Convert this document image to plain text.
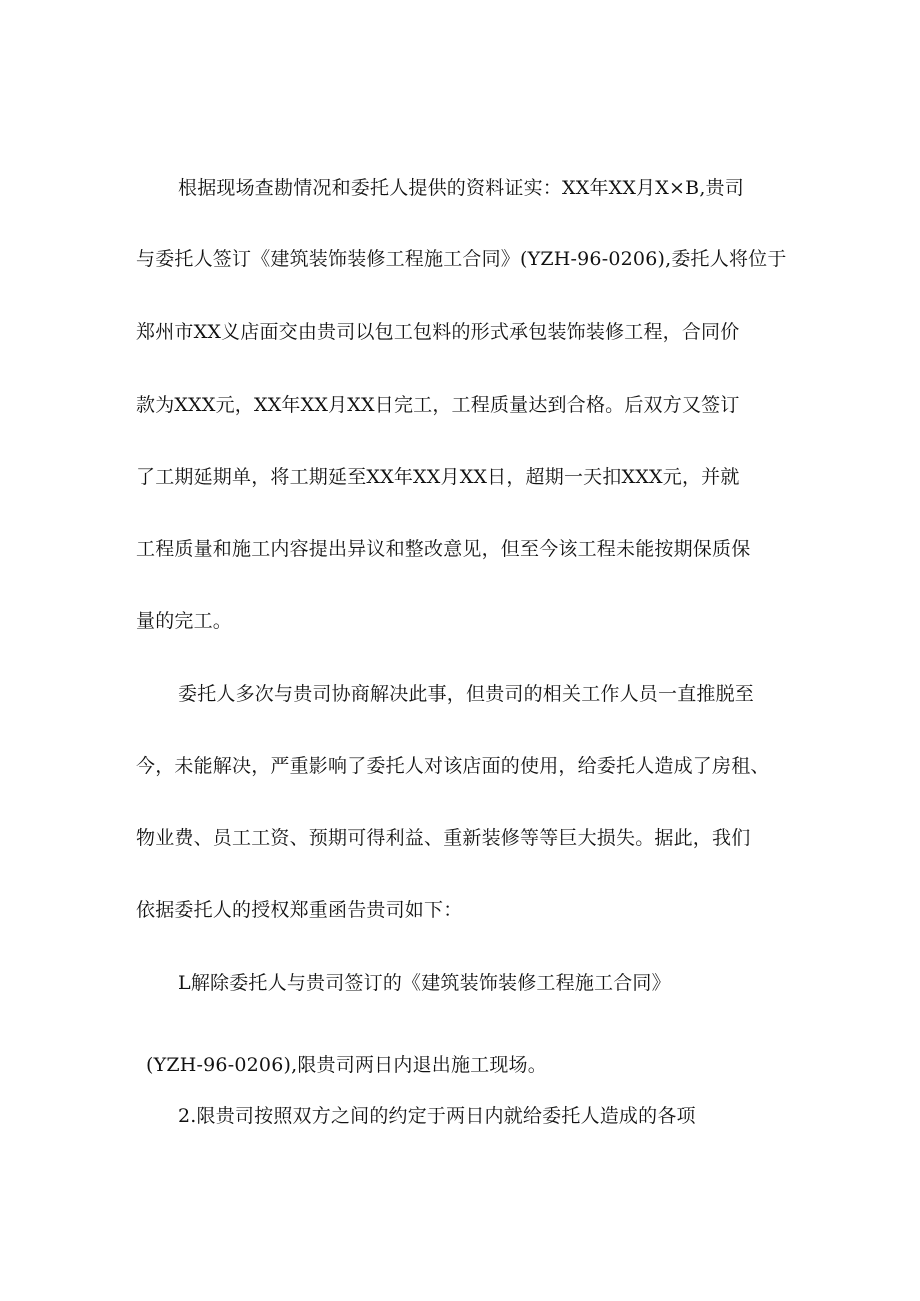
根据现场查勘情况和委托人提供的资料证实：XX年XX月X×B,贵司
与委托人签订《建筑装饰装修工程施工合同》(YZH-96-0206),委托人将位于
郑州市XX义店面交由贵司以包工包料的形式承包装饰装修工程，合同价
款为XXX元，XX年XX月XX日完工，工程质量达到合格。后双方又签订
了工期延期单，将工期延至XX年XX月XX日，超期一天扣XXX元，并就
工程质量和施工内容提出异议和整改意见，但至今该工程未能按期保质保
量的完工。
委托人多次与贵司协商解决此事，但贵司的相关工作人员一直推脱至
今，未能解决，严重影响了委托人对该店面的使用，给委托人造成了房租、
物业费、员工工资、预期可得利益、重新装修等等巨大损失。据此，我们
依据委托人的授权郑重函告贵司如下：
L解除委托人与贵司签订的《建筑装饰装修工程施工合同》
(YZH-96-0206),限贵司两日内退出施工现场。
2.限贵司按照双方之间的约定于两日内就给委托人造成的各项
